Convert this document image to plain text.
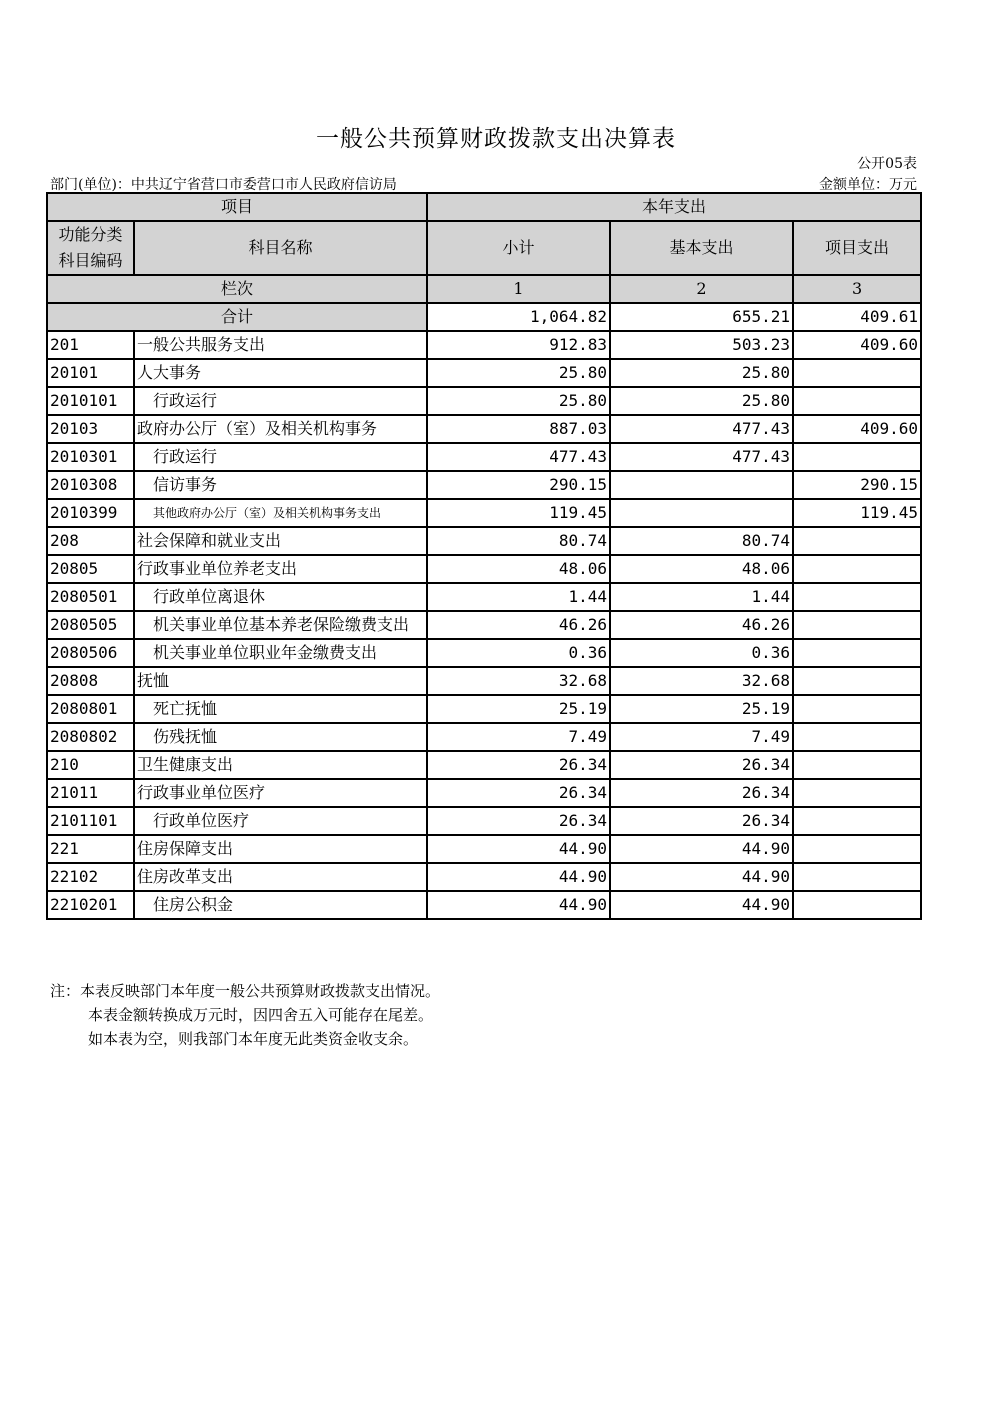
一般公共预算财政拨款支出决算表
公开05表
部门(单位)：中共辽宁省营口市委营口市人民政府信访局	金额单位：万元
项目		本年支出		

功能分类
科目编码	科目名称	小计	基本支出	项目支出
栏次		1	2	3
合计		1,064.82	655.21	409.61
201	一般公共服务支出	912.83	503.23	409.60
20101	人大事务	25.80	25.80	
2010101	行政运行	25.80	25.80	
20103	政府办公厅（室）及相关机构事务	887.03	477.43	409.60
2010301	行政运行	477.43	477.43	
2010308	信访事务	290.15		290.15
2010399	其他政府办公厅（室）及相关机构事务支出	119.45		119.45
208	社会保障和就业支出	80.74	80.74	
20805	行政事业单位养老支出	48.06	48.06	
2080501	行政单位离退休	1.44	1.44	
2080505	机关事业单位基本养老保险缴费支出	46.26	46.26	
2080506	机关事业单位职业年金缴费支出	0.36	0.36	
20808	抚恤	32.68	32.68	
2080801	死亡抚恤	25.19	25.19	
2080802	伤残抚恤	7.49	7.49	
210	卫生健康支出	26.34	26.34	
21011	行政事业单位医疗	26.34	26.34	
2101101	行政单位医疗	26.34	26.34	
221	住房保障支出	44.90	44.90	
22102	住房改革支出	44.90	44.90	
2210201	住房公积金	44.90	44.90	
注：本表反映部门本年度一般公共预算财政拨款支出情况。
本表金额转换成万元时，因四舍五入可能存在尾差。
如本表为空，则我部门本年度无此类资金收支余。
